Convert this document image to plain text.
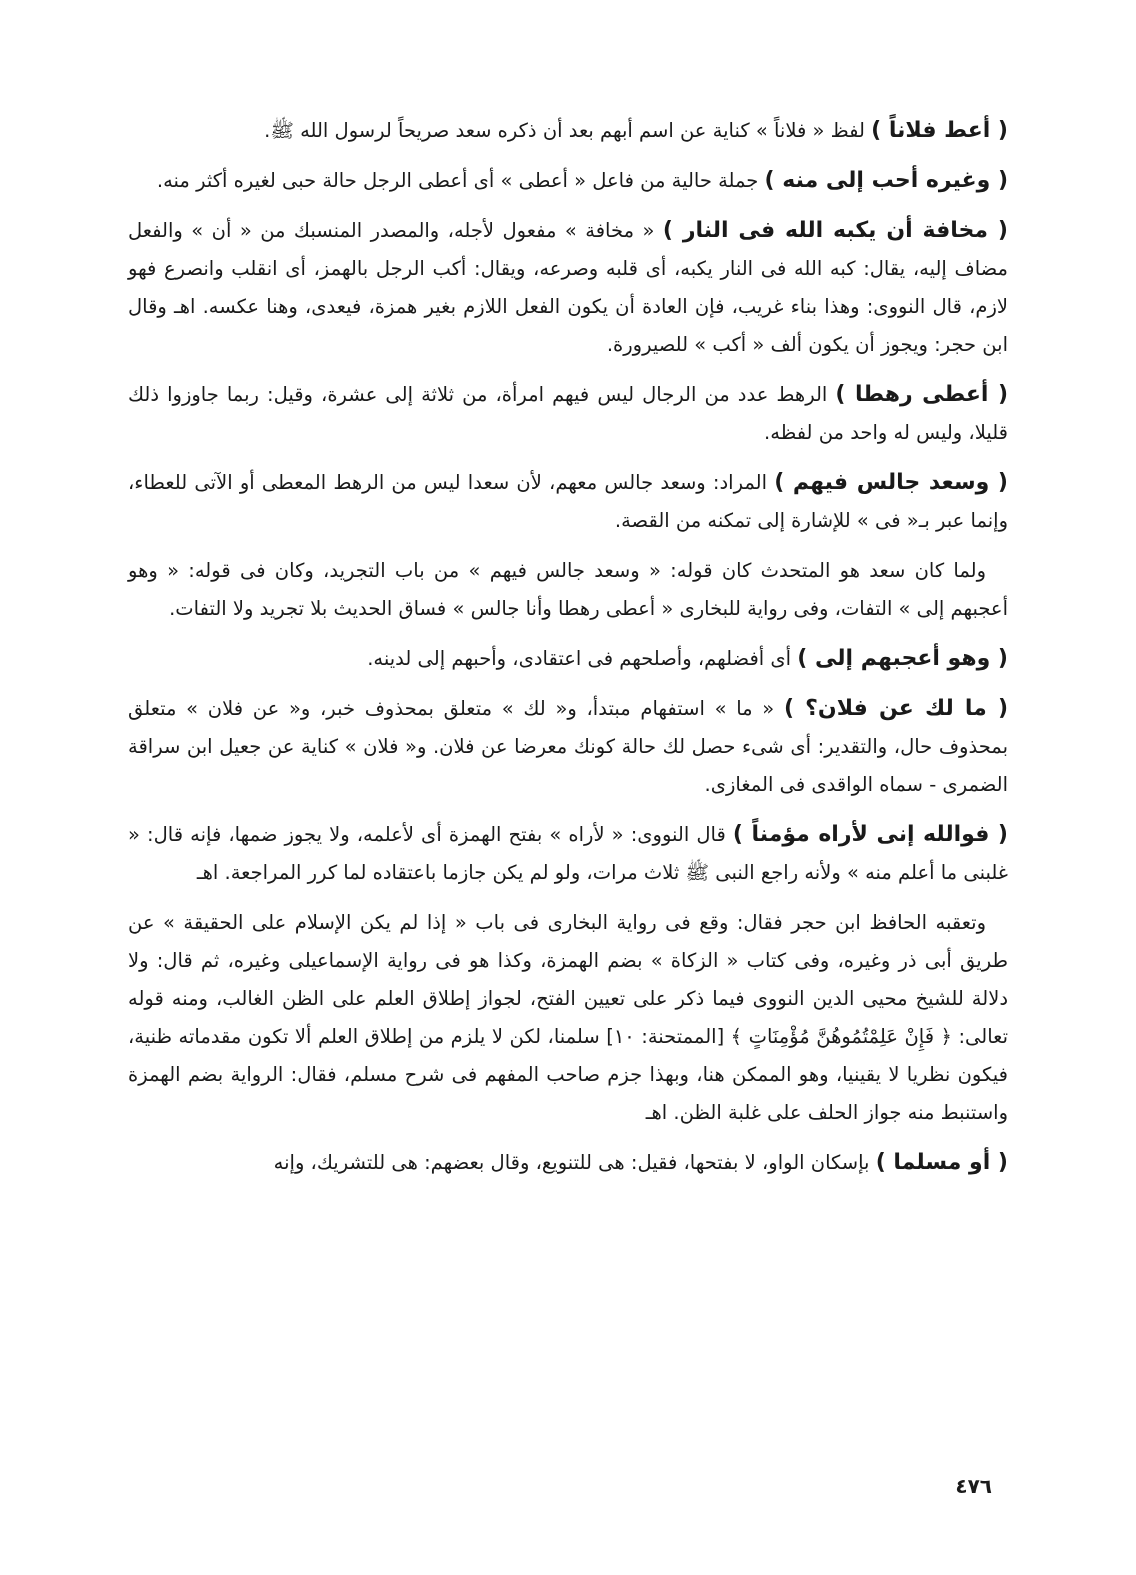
( أعط فلاناً ) لفظ « فلاناً » كناية عن اسم أبهم بعد أن ذكره سعد صريحاً لرسول الله ﷺ.

( وغيره أحب إلى منه ) جملة حالية من فاعل « أعطى » أى أعطى الرجل حالة حبى لغيره أكثر منه.

( مخافة أن يكبه الله فى النار ) « مخافة » مفعول لأجله، والمصدر المنسبك من « أن » والفعل مضاف إليه، يقال: كبه الله فى النار يكبه، أى قلبه وصرعه، ويقال: أكب الرجل بالهمز، أى انقلب وانصرع فهو لازم، قال النووى: وهذا بناء غريب، فإن العادة أن يكون الفعل اللازم بغير همزة، فيعدى، وهنا عكسه. اهـ وقال ابن حجر: ويجوز أن يكون ألف « أكب » للصيرورة.

( أعطى رهطا ) الرهط عدد من الرجال ليس فيهم امرأة، من ثلاثة إلى عشرة، وقيل: ربما جاوزوا ذلك قليلا، وليس له واحد من لفظه.

( وسعد جالس فيهم ) المراد: وسعد جالس معهم، لأن سعدا ليس من الرهط المعطى أو الآتى للعطاء، وإنما عبر بـ« فى » للإشارة إلى تمكنه من القصة.

ولما كان سعد هو المتحدث كان قوله: « وسعد جالس فيهم » من باب التجريد، وكان فى قوله: « وهو أعجبهم إلى » التفات، وفى رواية للبخارى « أعطى رهطا وأنا جالس » فساق الحديث بلا تجريد ولا التفات.

( وهو أعجبهم إلى ) أى أفضلهم، وأصلحهم فى اعتقادى، وأحبهم إلى لدينه.

( ما لك عن فلان؟ ) « ما » استفهام مبتدأ، و« لك » متعلق بمحذوف خبر، و« عن فلان » متعلق بمحذوف حال، والتقدير: أى شىء حصل لك حالة كونك معرضا عن فلان. و« فلان » كناية عن جعيل ابن سراقة الضمرى - سماه الواقدى فى المغازى.

( فوالله إنى لأراه مؤمناً ) قال النووى: « لأراه » بفتح الهمزة أى لأعلمه، ولا يجوز ضمها، فإنه قال: « غلبنى ما أعلم منه » ولأنه راجع النبى ﷺ ثلاث مرات، ولو لم يكن جازما باعتقاده لما كرر المراجعة. اهـ

وتعقبه الحافظ ابن حجر فقال: وقع فى رواية البخارى فى باب « إذا لم يكن الإسلام على الحقيقة » عن طريق أبى ذر وغيره، وفى كتاب « الزكاة » بضم الهمزة، وكذا هو فى رواية الإسماعيلى وغيره، ثم قال: ولا دلالة للشيخ محيى الدين النووى فيما ذكر على تعيين الفتح، لجواز إطلاق العلم على الظن الغالب، ومنه قوله تعالى: ﴿ فَإِنْ عَلِمْتُمُوهُنَّ مُؤْمِنَاتٍ ﴾ [الممتحنة: ١٠] سلمنا، لكن لا يلزم من إطلاق العلم ألا تكون مقدماته ظنية، فيكون نظريا لا يقينيا، وهو الممكن هنا، وبهذا جزم صاحب المفهم فى شرح مسلم، فقال: الرواية بضم الهمزة واستنبط منه جواز الحلف على غلبة الظن. اهـ

( أو مسلما ) بإسكان الواو، لا بفتحها، فقيل: هى للتنويع، وقال بعضهم: هى للتشريك، وإنه

٤٧٦
